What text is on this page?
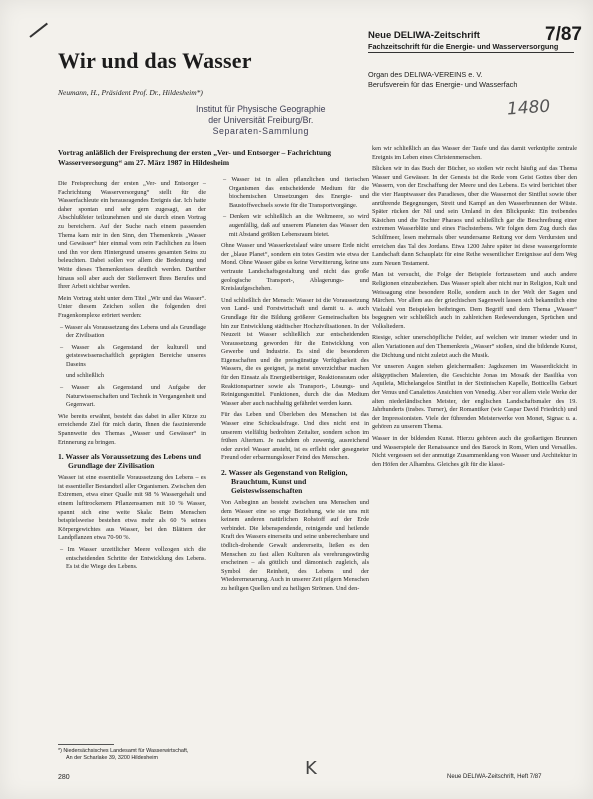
Wir und das Wasser
Neue DELIWA-Zeitschrift	7/87
Fachzeitschrift für die Energie- und Wasserversorgung
Organ des DELIWA-VEREINS e. V.
Berufsverein für das Energie- und Wasserfach
1480
Neumann, H., Präsident Prof. Dr., Hildesheim*)
Institut für Physische Geographie
der Universität Freiburg/Br.
Separaten-Sammlung
Vortrag anläßlich der Freisprechung der ersten „Ver- und Entsorger – Fachrichtung Wasserversorgung“ am 27. März 1987 in Hildesheim

Die Freisprechung der ersten „Ver- und Entsorger – Fachrichtung Wasserversorgung“ stellt für die Wasserfachleute ein herausragendes Ereignis dar. Ich hatte daher spontan und sehr gern zugesagt, an der Abschlußfeier teilzunehmen und sie durch einen Vortrag zu bereichern. Auf der Suche nach einem passenden Thema kam mir in den Sinn, den Themenkreis „Wasser und Gewässer“ hier einmal vom rein Fachlichen zu lösen und ihn vor dem Hintergrund unseres gesamten Seins zu beleuchten. Dabei sollen vor allem die Bedeutung und Weite dieses Themenkreises deutlich werden. Darüber hinaus soll aber auch der Stellenwert Ihres Berufes und Ihrer Arbeit sichtbar werden.

Mein Vortrag steht unter dem Titel „Wir und das Wasser“. Unter diesem Zeichen sollen die folgenden drei Fragenkomplexe erörtert werden:

– Wasser als Voraussetzung des Lebens und als Grundlage der Zivilisation

– Wasser als Gegenstand der kulturell und geisteswissenschaftlich geprägten Bereiche unseres Daseins

und schließlich

– Wasser als Gegenstand und Aufgabe der Naturwissenschaften und Technik in Vergangenheit und Gegenwart.

Wie bereits erwähnt, besteht das dabei in aller Kürze zu erreichende Ziel für mich darin, Ihnen die faszinierende Spannweite des Themas „Wasser und Gewässer“ in Erinnerung zu bringen.

1. Wasser als Voraussetzung des Lebens und Grundlage der Zivilisation

Wasser ist eine essentielle Voraussetzung des Lebens – es ist essentieller Bestandteil aller Organismen. Zwischen den Extremen, etwa einer Qualle mit 98 % Wassergehalt und einem lufttrockenem Pflanzensamen mit 10 % Wasser, spannt sich eine weite Skala: Beim Menschen beispielsweise bestehen etwa mehr als 60 % seines Körpergewichtes aus Wasser, bei den Blättern der Landpflanzen etwa 70-90 %.

– Im Wasser urzeitlicher Meere vollzogen sich die entscheidenden Schritte der Entwicklung des Lebens. Es ist die Wiege des Lebens.

– Wasser ist in allen pflanzlichen und tierischen Organismen das entscheidende Medium für die biochemischen Umsetzungen des Energie- und Baustoffwechsels sowie für die Transportvorgänge.

– Denken wir schließlich an die Weltmeere, so wird augenfällig, daß auf unserem Planeten das Wasser den mit Abstand größten Lebensraum bietet.

Ohne Wasser und Wasserkreislauf wäre unsere Erde nicht der „blaue Planet“, sondern ein totes Gestirn wie etwa der Mond. Ohne Wasser gäbe es keine Verwitterung, keine uns vertraute Landschaftsgestaltung und nicht das große geologische Transport-, Ablagerungs- und Kreislaufgeschehen.

Und schließlich der Mensch: Wasser ist die Voraussetzung von Land- und Forstwirtschaft und damit u. a. auch Grundlage für die Bildung größerer Gemeinschaften bis hin zur Entwicklung städtischer Hochzivilisationen. In der Neuzeit ist Wasser schließlich zur entscheidenden Voraussetzung geworden für die Entwicklung von Gewerbe und Industrie. Es sind die besonderen Eigenschaften und die preisgünstige Verfügbarkeit des Wassers, die es geeignet, ja meist unverzichtbar machen für den Einsatz als Energieüberträger, Reaktionsraum oder Reaktionspartner sowie als Transport-, Lösungs- und Reinigungsmittel. Funktionen, durch die das Medium Wasser aber auch nachhaltig gefährdet werden kann.

Für das Leben und Überleben des Menschen ist das Wasser eine Schicksalsfrage. Und dies nicht erst in unserem vielfältig bedrohten Zeitalter, sondern schon im frühen Altertum. Je nachdem ob zuwenig, ausreichend oder zuviel Wasser ansteht, ist es erfleht oder gesegneter Freund oder erbarmungsloser Feind des Menschen.

2. Wasser als Gegenstand von Religion, Brauchtum, Kunst und Geisteswissenschaften

Von Anbeginn an besteht zwischen uns Menschen und dem Wasser eine so enge Beziehung, wie sie uns mit keinem anderen natürlichen Rohstoff auf der Erde verbindet. Die lebenspendende, reinigende und heilende Kraft des Wassers einerseits und seine unberechenbare und tödlich-drohende Gewalt andererseits, ließen es den Menschen zu fast allen Kulturen als verehrungswürdig erscheinen – als göttlich und dämonisch zugleich, als Symbol der Reinheit, des Lebens und der Wiedererneuerung. Auch in unserer Zeit pilgern Menschen zu heiligen Quellen und zu heiligen Strömen. Und den-

ken wir schließlich an das Wasser der Taufe und das damit verknüpfte zentrale Ereignis im Leben eines Christenmenschen.

Blicken wir in das Buch der Bücher, so stoßen wir recht häufig auf das Thema Wasser und Gewässer. In der Genesis ist die Rede vom Geist Gottes über den Wassern, von der Erschaffung der Meere und des Lebens. Es wird berichtet über die vier Hauptwasser des Paradieses, über die Wassernot der Sintflut sowie über anrührende Begegnungen, Streit und Kampf an den Wasserbrunnen der Wüste. Später rücken der Nil und sein Umland in den Blickpunkt: Ein treibendes Kästchen und die Tochter Pharaos und schließlich gar die Beschreibung einer extremen Wasserblüte und eines Fischsterbens. Wir folgen dem Zug durch das Schilfmeer, lesen mehrmals über wundersame Rettung vor dem Verdursten und erreichen das Tal des Jordans. Etwa 1200 Jahre später ist diese wassergeformte Landschaft dann Schauplatz für eine Reihe wesentlicher Ereignisse auf dem Weg zum Neuen Testament.

Man ist versucht, die Folge der Beispiele fortzusetzen und auch andere Religionen einzubeziehen. Das Wasser spielt aber nicht nur in Religion, Kult und Weissagung eine besondere Rolle, sondern auch in der Welt der Sagen und Märchen. Vor allem aus der griechischen Sagenwelt lassen sich bekanntlich eine Vielzahl von Beispielen beibringen. Dem Begriff und dem Thema „Wasser“ begegnen wir schließlich auch in zahlreichen Redewendungen, Sprüchen und Volksliedern.

Riesige, schier unerschöpfliche Felder, auf welchen wir immer wieder und in allen Variationen auf den Themenkreis „Wasser“ stoßen, sind die bildende Kunst, die Dichtung und nicht zuletzt auch die Musik.

Vor unseren Augen stehen gleichermaßen: Jagdszenen im Wasserdickicht in altägyptischen Malereien, die Geschichte Jonas im Mosaik der Basilika von Aquileia, Michelangelos Sintflut in der Sixtinischen Kapelle, Botticellis Geburt der Venus und Canalettos Ansichten von Venedig. Aber vor allem viele Werke der alten niederländischen Meister, der englischen Landschaftsmaler des 19. Jahrhunderts (insbes. Turner), der Romantiker (wie Caspar David Friedrich) und der Impressionisten. Viele der führenden Meisterwerke von Monet, Signac u. a. gehören zu unserem Thema.

Wasser in der bildenden Kunst. Hierzu gehören auch die großartigen Brunnen und Wasserspiele der Renaissance und des Barock in Rom, Wien und Versailles. Nicht vergessen sei der anmutige Zusammenklang von Wasser und Architektur in den Höfen der Alhambra. Gleiches gilt für die klassi-

*) Niedersächsisches Landesamt für Wasserwirtschaft,
An der Scharlake 39, 3200 Hildesheim
280	K	Neue DELIWA-Zeitschrift, Heft 7/87
